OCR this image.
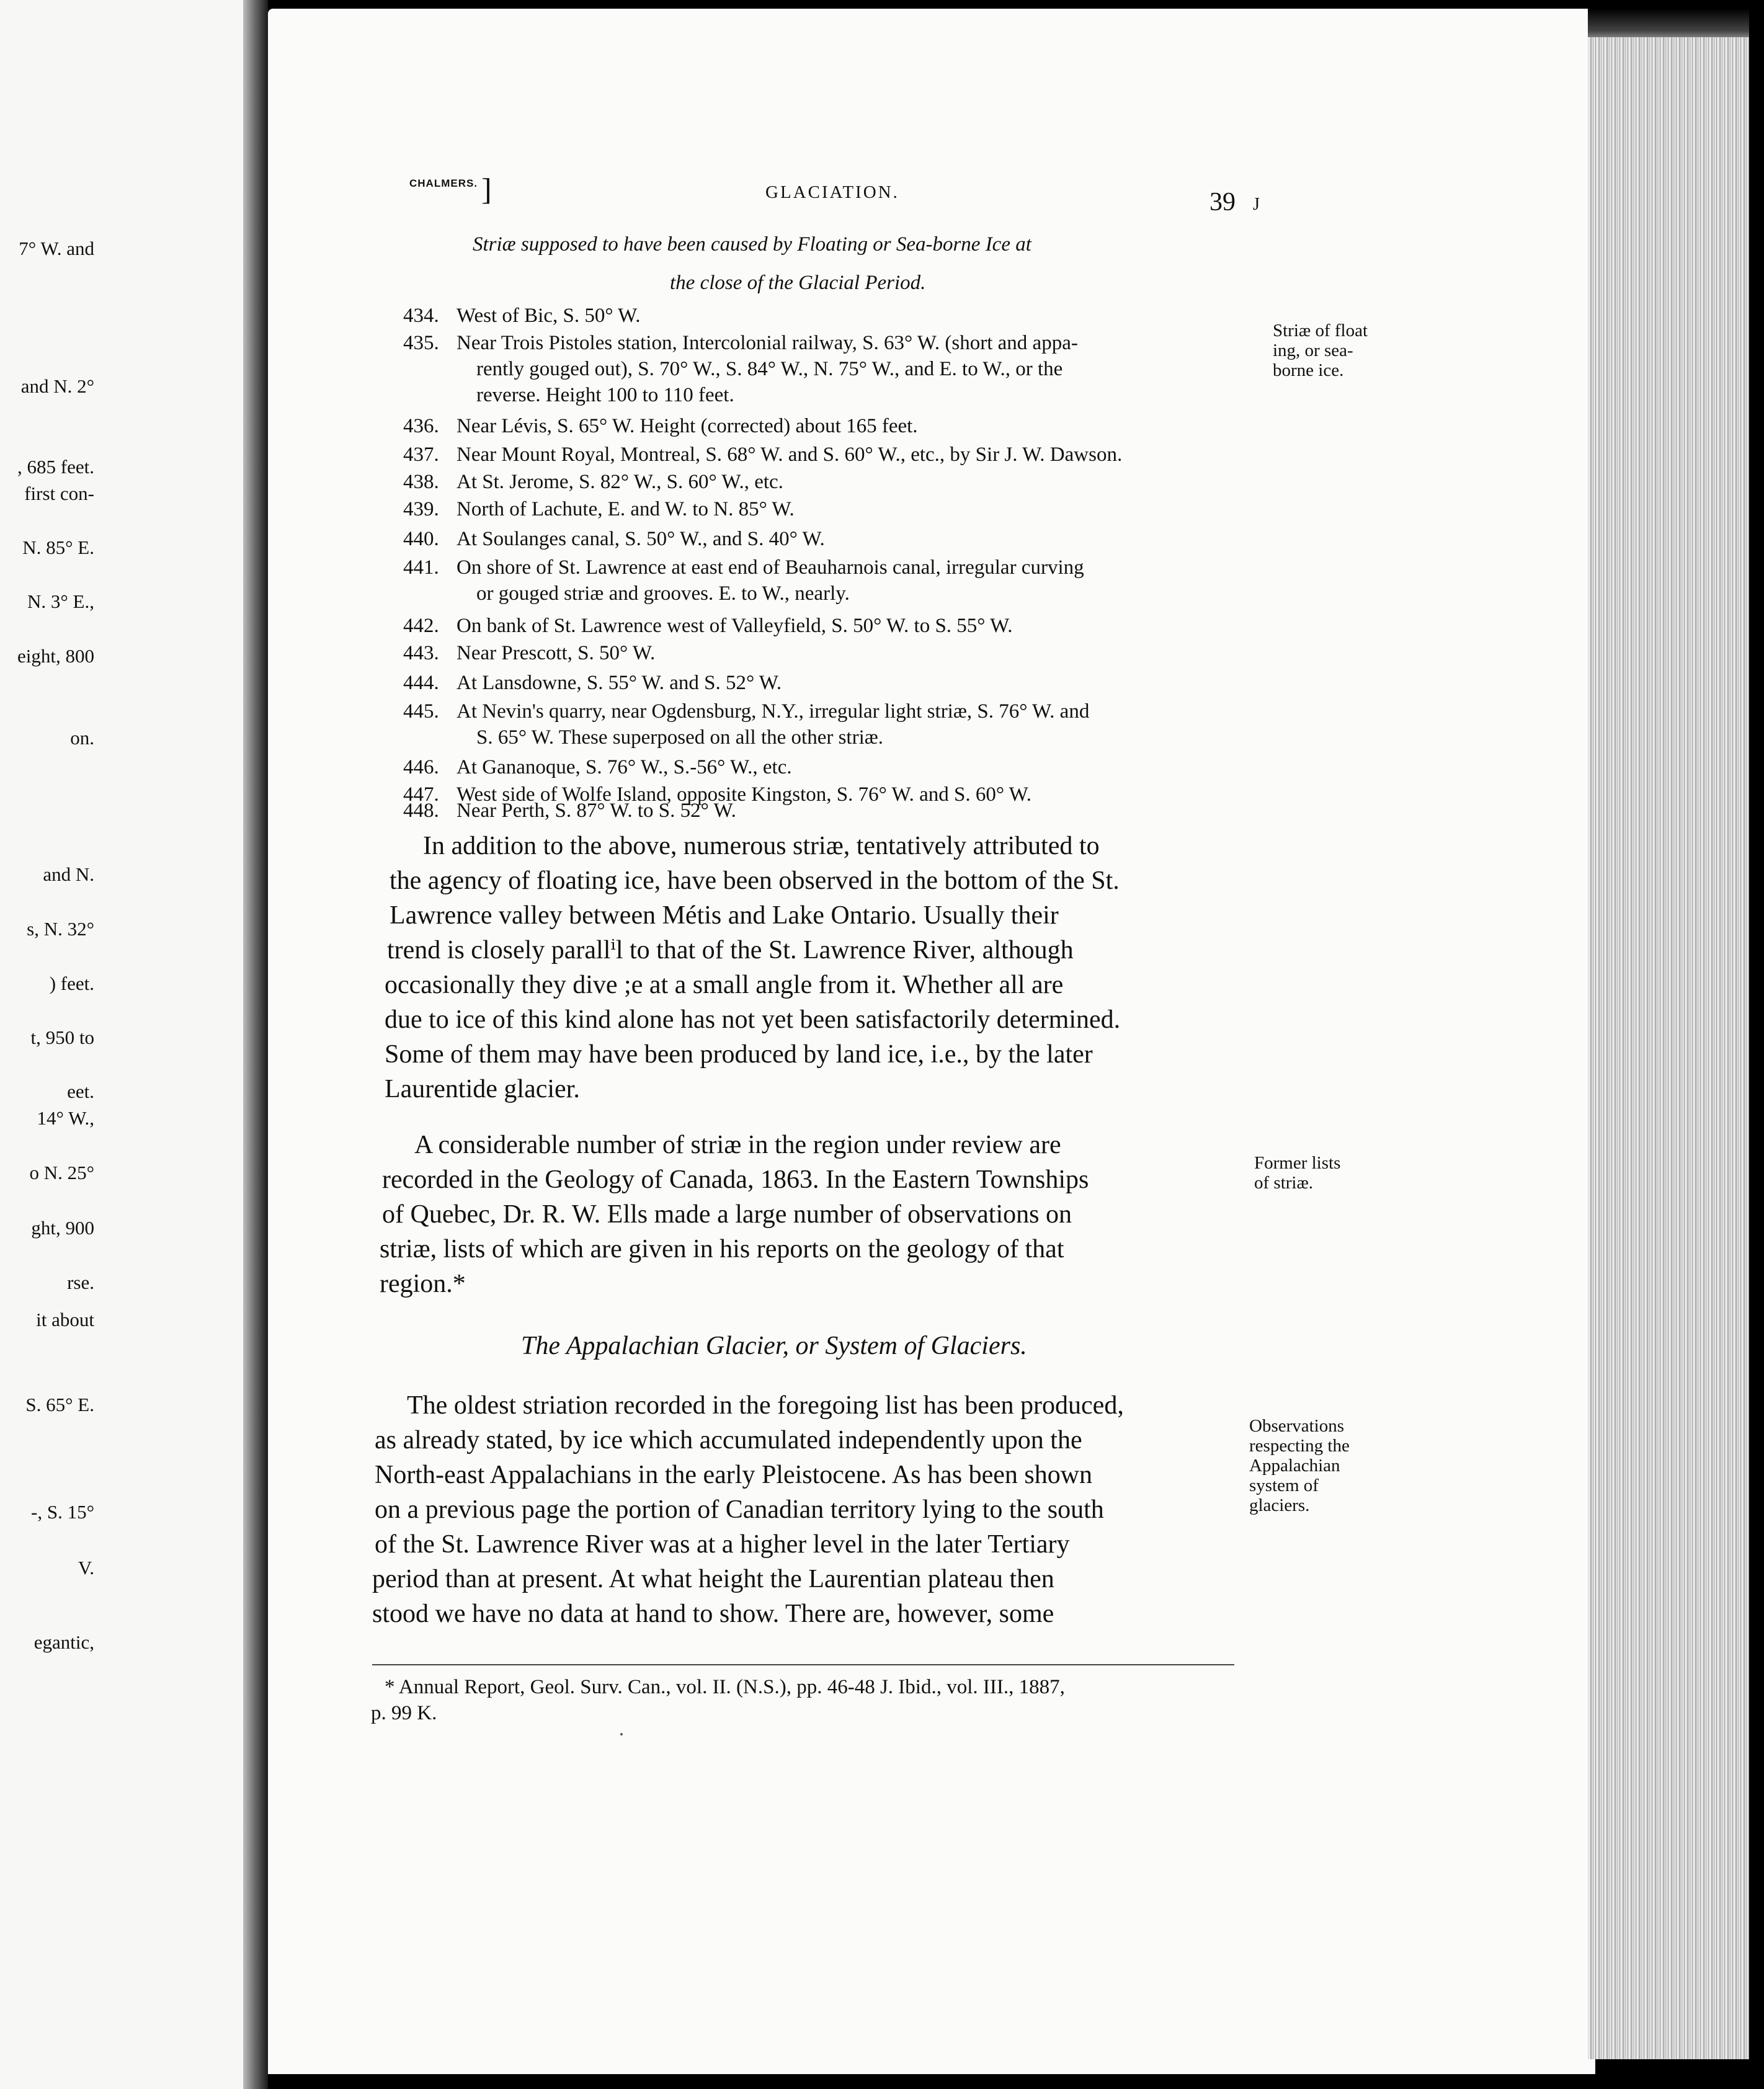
7° W. and
and N. 2°
, 685 feet.
first con-
N. 85° E.
N. 3° E.,
eight, 800
on.
and N.
s, N. 32°
) feet.
t, 950 to
eet.
14° W.,
o N. 25°
ght, 900
rse.
it about
S. 65° E.
-, S. 15°
V.
egantic,
CHALMERS. ]	GLACIATION.	39 J
Striæ supposed to have been caused by Floating or Sea-borne Ice at
the close of the Glacial Period.
434. West of Bic, S. 50° W.
435. Near Trois Pistoles station, Intercolonial railway, S. 63° W. (short and appa-
rently gouged out), S. 70° W., S. 84° W., N. 75° W., and E. to W., or the
reverse. Height 100 to 110 feet.
436. Near Lévis, S. 65° W. Height (corrected) about 165 feet.
437. Near Mount Royal, Montreal, S. 68° W. and S. 60° W., etc., by Sir J. W. Dawson.
438. At St. Jerome, S. 82° W., S. 60° W., etc.
439. North of Lachute, E. and W. to N. 85° W.
440. At Soulanges canal, S. 50° W., and S. 40° W.
441. On shore of St. Lawrence at east end of Beauharnois canal, irregular curving
or gouged striæ and grooves. E. to W., nearly.
442. On bank of St. Lawrence west of Valleyfield, S. 50° W. to S. 55° W.
443. Near Prescott, S. 50° W.
444. At Lansdowne, S. 55° W. and S. 52° W.
445. At Nevin's quarry, near Ogdensburg, N.Y., irregular light striæ, S. 76° W. and
S. 65° W. These superposed on all the other striæ.
446. At Gananoque, S. 76° W., S.-56° W., etc.
447. West side of Wolfe Island, opposite Kingston, S. 76° W. and S. 60° W.
448. Near Perth, S. 87° W. to S. 52° W.
In addition to the above, numerous striæ, tentatively attributed to
the agency of floating ice, have been observed in the bottom of the St.
Lawrence valley between Métis and Lake Ontario. Usually their
trend is closely parallⁱl to that of the St. Lawrence River, although
occasionally they dive ;e at a small angle from it. Whether all are
due to ice of this kind alone has not yet been satisfactorily determined.
Some of them may have been produced by land ice, i.e., by the later
Laurentide glacier.
A considerable number of striæ in the region under review are
recorded in the Geology of Canada, 1863. In the Eastern Townships
of Quebec, Dr. R. W. Ells made a large number of observations on
striæ, lists of which are given in his reports on the geology of that
region.*
The Appalachian Glacier, or System of Glaciers.
The oldest striation recorded in the foregoing list has been produced,
as already stated, by ice which accumulated independently upon the
North-east Appalachians in the early Pleistocene. As has been shown
on a previous page the portion of Canadian territory lying to the south
of the St. Lawrence River was at a higher level in the later Tertiary
period than at present. At what height the Laurentian plateau then
stood we have no data at hand to show. There are, however, some
Striæ of float
ing, or sea-
borne ice.
Former lists
of striæ.
Observations
respecting the
Appalachian
system of
glaciers.
* Annual Report, Geol. Surv. Can., vol. II. (N.S.), pp. 46-48 J. Ibid., vol. III., 1887,
p. 99 K.
